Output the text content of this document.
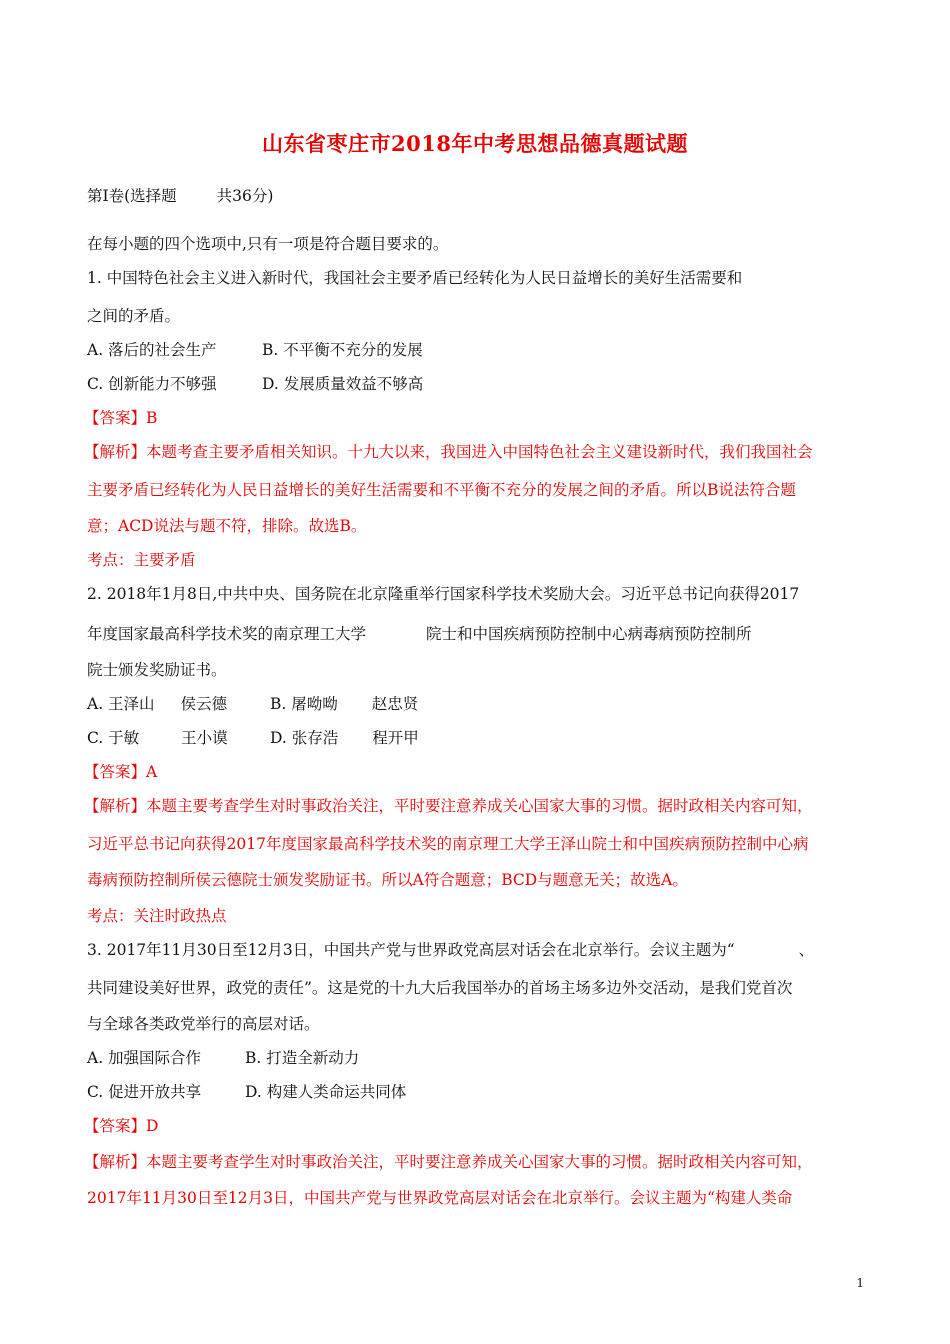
山东省枣庄市2018年中考思想品德真题试题
第Ⅰ卷(选择题	共36分)
在每小题的四个选项中,只有一项是符合题目要求的。
1. 中国特色社会主义进入新时代，我国社会主要矛盾已经转化为人民日益增长的美好生活需要和
之间的矛盾。
A. 落后的社会生产	B. 不平衡不充分的发展
C. 创新能力不够强	D. 发展质量效益不够高
【答案】B
【解析】本题考查主要矛盾相关知识。十九大以来，我国进入中国特色社会主义建设新时代，我们我国社会
主要矛盾已经转化为人民日益增长的美好生活需要和不平衡不充分的发展之间的矛盾。所以B说法符合题
意；ACD说法与题不符，排除。故选B。
考点：主要矛盾
2. 2018年1月8日,中共中央、国务院在北京隆重举行国家科学技术奖励大会。习近平总书记向获得2017
年度国家最高科学技术奖的南京理工大学	院士和中国疾病预防控制中心病毒病预防控制所
院士颁发奖励证书。
A. 王泽山 侯云德	B. 屠呦呦 赵忠贤
C. 于敏	王小谟	D. 张存浩 程开甲
【答案】A
【解析】本题主要考查学生对时事政治关注，平时要注意养成关心国家大事的习惯。据时政相关内容可知，
习近平总书记向获得2017年度国家最高科学技术奖的南京理工大学王泽山院士和中国疾病预防控制中心病
毒病预防控制所侯云德院士颁发奖励证书。所以A符合题意；BCD与题意无关；故选A。
考点：关注时政热点
3. 2017年11月30日至12月3日，中国共产党与世界政党高层对话会在北京举行。会议主题为“	、
共同建设美好世界，政党的责任”。这是党的十九大后我国举办的首场主场多边外交活动，是我们党首次
与全球各类政党举行的高层对话。
A. 加强国际合作	B. 打造全新动力
C. 促进开放共享	D. 构建人类命运共同体
【答案】D
【解析】本题主要考查学生对时事政治关注，平时要注意养成关心国家大事的习惯。据时政相关内容可知，
2017年11月30日至12月3日，中国共产党与世界政党高层对话会在北京举行。会议主题为“构建人类命
1
